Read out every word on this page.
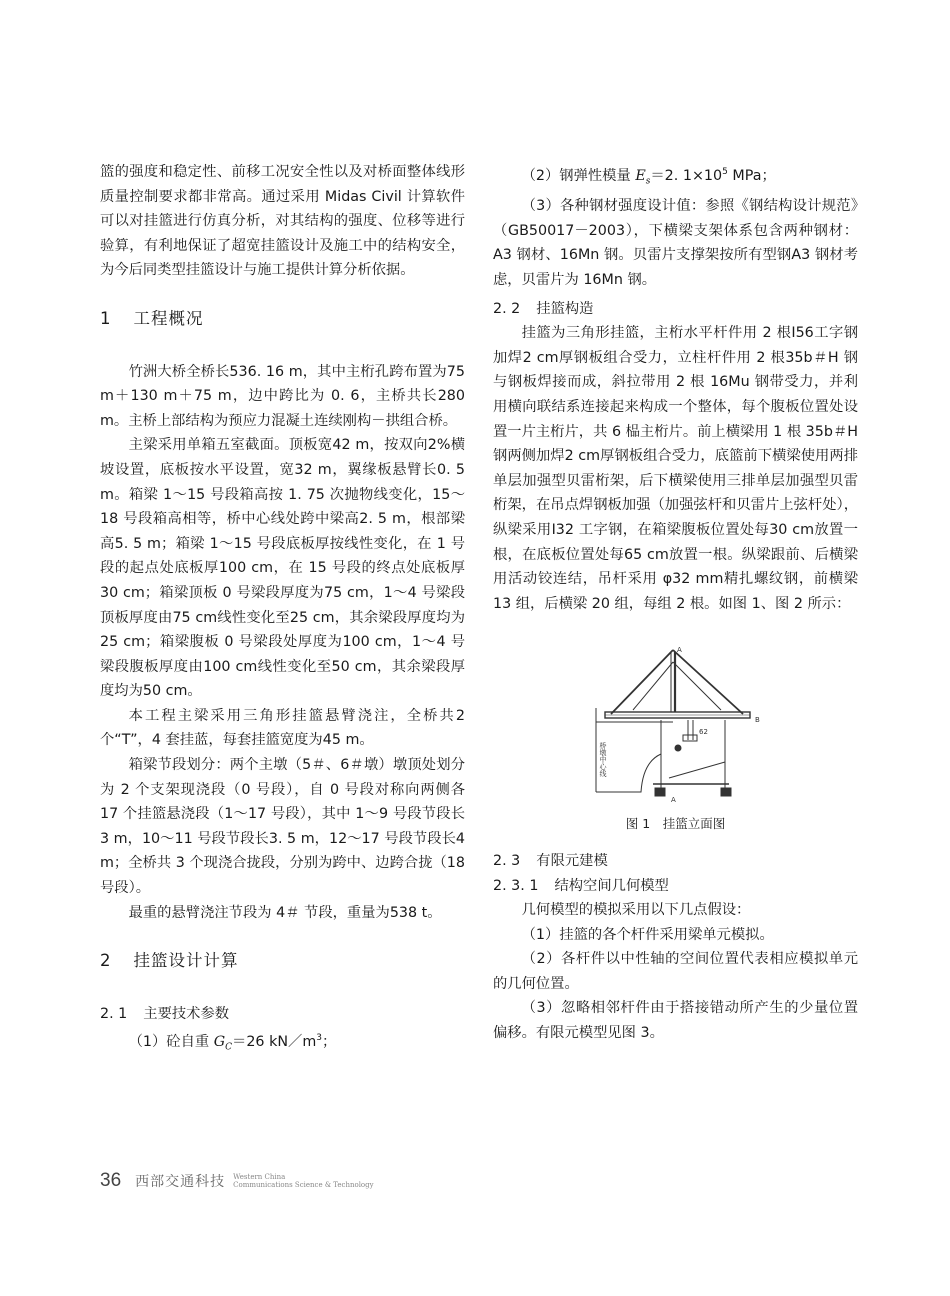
篮的强度和稳定性、前移工况安全性以及对桥面整体线形质量控制要求都非常高。通过采用 Midas Civil 计算软件可以对挂篮进行仿真分析，对其结构的强度、位移等进行验算，有利地保证了超宽挂篮设计及施工中的结构安全，为今后同类型挂篮设计与施工提供计算分析依据。

1 工程概况

竹洲大桥全桥长536. 16 m，其中主桁孔跨布置为75 m＋130 m＋75 m，边中跨比为 0. 6，主桥共长280 m。主桥上部结构为预应力混凝土连续刚构－拱组合桥。

主梁采用单箱五室截面。顶板宽42 m，按双向2%横坡设置，底板按水平设置，宽32 m，翼缘板悬臂长0. 5 m。箱梁 1～15 号段箱高按 1. 75 次抛物线变化，15～18 号段箱高相等，桥中心线处跨中梁高2. 5 m，根部梁高5. 5 m；箱梁 1～15 号段底板厚按线性变化，在 1 号段的起点处底板厚100 cm，在 15 号段的终点处底板厚30 cm；箱梁顶板 0 号梁段厚度为75 cm，1～4 号梁段顶板厚度由75 cm线性变化至25 cm，其余梁段厚度均为25 cm；箱梁腹板 0 号梁段处厚度为100 cm，1～4 号梁段腹板厚度由100 cm线性变化至50 cm，其余梁段厚度均为50 cm。

本工程主梁采用三角形挂篮悬臂浇注，全桥共2 个“T”，4 套挂蓝，每套挂篮宽度为45 m。

箱梁节段划分：两个主墩（5＃、6＃墩）墩顶处划分为 2 个支架现浇段（0 号段），自 0 号段对称向两侧各 17 个挂篮悬浇段（1～17 号段），其中 1～9 号段节段长3 m，10～11 号段节段长3. 5 m，12～17 号段节段长4 m；全桥共 3 个现浇合拢段，分别为跨中、边跨合拢（18 号段）。

最重的悬臂浇注节段为 4＃ 节段，重量为538 t。

2 挂篮设计计算

2. 1 主要技术参数

（1）砼自重 $G_C=26$ $kN/m^3$；

（2）钢弹性模量 $E_s=2$. $1\times 10^5$ MPa；

（3）各种钢材强度设计值：参照《钢结构设计规范》（GB50017－2003），下横梁支架体系包含两种钢材：A3 钢材、16Mn 钢。贝雷片支撑架按所有型钢A3 钢材考虑，贝雷片为 16Mn 钢。

2. 2 挂篮构造

挂篮为三角形挂篮，主桁水平杆件用 2 根I56工字钢加焊2 cm厚钢板组合受力，立柱杆件用 2 根35b＃H 钢与钢板焊接而成，斜拉带用 2 根 16Mu 钢带受力，并利用横向联结系连接起来构成一个整体，每个腹板位置处设置一片主桁片，共 6 榀主桁片。前上横梁用 1 根 35b＃H 钢两侧加焊2 cm厚钢板组合受力，底篮前下横梁使用两排单层加强型贝雷桁架，后下横梁使用三排单层加强型贝雷桁架，在吊点焊钢板加强（加强弦杆和贝雷片上弦杆处），纵梁采用I32 工字钢，在箱梁腹板位置处每30 cm放置一根，在底板位置处每65 cm放置一根。纵梁跟前、后横梁用活动铰连结，吊杆采用 φ32 mm精扎螺纹钢，前横梁 13 组，后横梁 20 组，每组 2 根。如图 1、图 2 所示：

A
62
B
A
桥墩中心线
图 1　挂篮立面图

2. 3 有限元建模

2. 3. 1 结构空间几何模型

几何模型的模拟采用以下几点假设：

（1）挂篮的各个杆件采用梁单元模拟。

（2）各杆件以中性轴的空间位置代表相应模拟单元的几何位置。

（3）忽略相邻杆件由于搭接错动所产生的少量位置偏移。有限元模型见图 3。

36 西部交通科技 Western China
Communications Science & Technology
